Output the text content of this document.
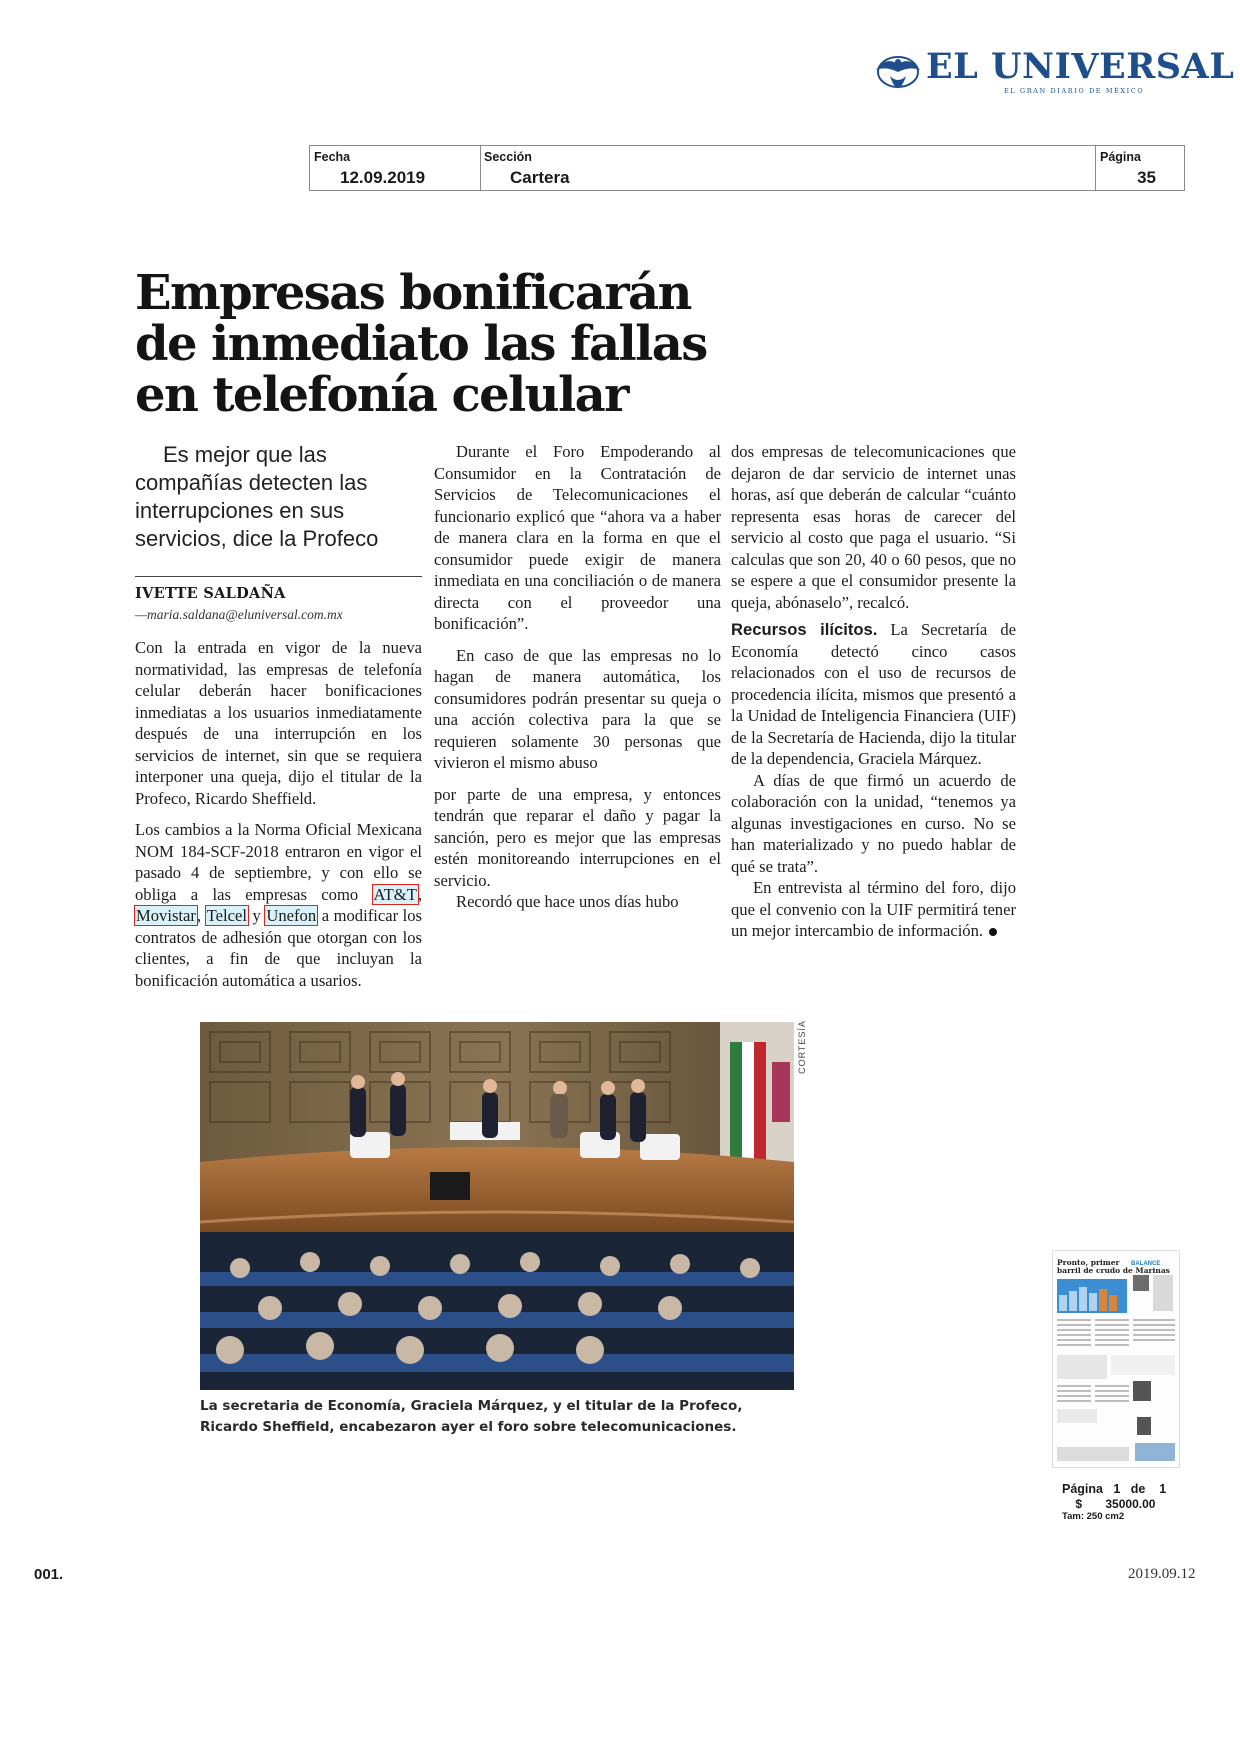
EL UNIVERSAL
EL GRAN DIARIO DE MÉXICO
Fecha
12.09.2019
Sección
Cartera
Página
35
Empresas bonificarán de inmediato las fallas en telefonía celular

Es mejor que las compañías detecten las interrupciones en sus servicios, dice la Profeco

IVETTE SALDAÑA
—maria.saldana@eluniversal.com.mx

Con la entrada en vigor de la nueva normatividad, las empresas de telefonía celular deberán hacer bonificaciones inmediatas a los usuarios inmediatamente después de una interrupción en los servicios de internet, sin que se requiera interponer una queja, dijo el titular de la Profeco, Ricardo Sheffield.

Los cambios a la Norma Oficial Mexicana NOM 184-SCF-2018 entraron en vigor el pasado 4 de septiembre, y con ello se obliga a las empresas como AT&T, Movistar, Telcel y Unefon a modificar los contratos de adhesión que otorgan con los clientes, a fin de que incluyan la bonificación automática a usarios.

Durante el Foro Empoderando al Consumidor en la Contratación de Servicios de Telecomunicaciones el funcionario explicó que “ahora va a haber de manera clara en la forma en que el consumidor puede exigir de manera inmediata en una conciliación o de manera directa con el proveedor una bonificación”.

En caso de que las empresas no lo hagan de manera automática, los consumidores podrán presentar su queja o una acción colectiva para la que se requieren solamente 30 personas que vivieron el mismo abuso

por parte de una empresa, y entonces tendrán que reparar el daño y pagar la sanción, pero es mejor que las empresas estén monitoreando interrupciones en el servicio.

Recordó que hace unos días hubo

dos empresas de telecomunicaciones que dejaron de dar servicio de internet unas horas, así que deberán de calcular “cuánto representa esas horas de carecer del servicio al costo que paga el usuario. “Si calculas que son 20, 40 o 60 pesos, que no se espere a que el consumidor presente la queja, abónaselo”, recalcó.

Recursos ilícitos. La Secretaría de Economía detectó cinco casos relacionados con el uso de recursos de procedencia ilícita, mismos que presentó a la Unidad de Inteligencia Financiera (UIF) de la Secretaría de Hacienda, dijo la titular de la dependencia, Graciela Márquez.

A días de que firmó un acuerdo de colaboración con la unidad, “tenemos ya algunas investigaciones en curso. No se han materializado y no puedo hablar de qué se trata”.

En entrevista al término del foro, dijo que el convenio con la UIF permitirá tener un mejor intercambio de información.

CORTESÍA

La secretaria de Economía, Graciela Márquez, y el titular de la Profeco, Ricardo Sheffield, encabezaron ayer el foro sobre telecomunicaciones.

Pronto, primer barril de crudo de Marinas
BALANCE
Página 1 de 1
$ 35000.00
Tam: 250 cm2
001.	2019.09.12
